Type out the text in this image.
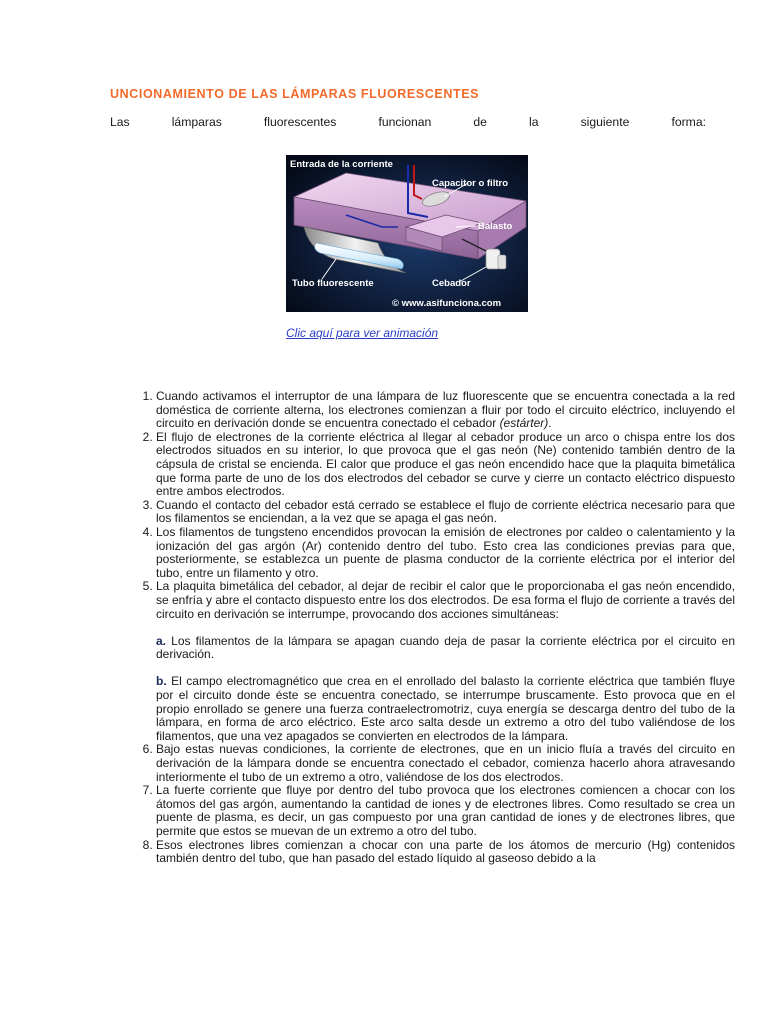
UNCIONAMIENTO DE LAS LÁMPARAS FLUORESCENTES
Las	lámparas	fluorescentes	funcionan	de	la	siguiente	forma:
Entrada de la corriente
Capacitor o filtro
Balasto
Tubo fluorescente	Cebador
© www.asifunciona.com
Clic aquí para ver animación
1. Cuando activamos el interruptor de una lámpara de luz fluorescente que se encuentra conectada a la red doméstica de corriente alterna, los electrones comienzan a fluir por todo el circuito eléctrico, incluyendo el circuito en derivación donde se encuentra conectado el cebador (estárter).
2. El flujo de electrones de la corriente eléctrica al llegar al cebador produce un arco o chispa entre los dos electrodos situados en su interior, lo que provoca que el gas neón (Ne) contenido también dentro de la cápsula de cristal se encienda. El calor que produce el gas neón encendido hace que la plaquita bimetálica que forma parte de uno de los dos electrodos del cebador se curve y cierre un contacto eléctrico dispuesto entre ambos electrodos.
3. Cuando el contacto del cebador está cerrado se establece el flujo de corriente eléctrica necesario para que los filamentos se enciendan, a la vez que se apaga el gas neón.
4. Los filamentos de tungsteno encendidos provocan la emisión de electrones por caldeo o calentamiento y la ionización del gas argón (Ar) contenido dentro del tubo. Esto crea las condiciones previas para que, posteriormente, se establezca un puente de plasma conductor de la corriente eléctrica por el interior del tubo, entre un filamento y otro.
5. La plaquita bimetálica del cebador, al dejar de recibir el calor que le proporcionaba el gas neón encendido, se enfría y abre el contacto dispuesto entre los dos electrodos. De esa forma el flujo de corriente a través del circuito en derivación se interrumpe, provocando dos acciones simultáneas:
a. Los filamentos de la lámpara se apagan cuando deja de pasar la corriente eléctrica por el circuito en derivación.
b. El campo electromagnético que crea en el enrollado del balasto la corriente eléctrica que también fluye por el circuito donde éste se encuentra conectado, se interrumpe bruscamente. Esto provoca que en el propio enrollado se genere una fuerza contraelectromotriz, cuya energía se descarga dentro del tubo de la lámpara, en forma de arco eléctrico. Este arco salta desde un extremo a otro del tubo valiéndose de los filamentos, que una vez apagados se convierten en electrodos de la lámpara.
6. Bajo estas nuevas condiciones, la corriente de electrones, que en un inicio fluía a través del circuito en derivación de la lámpara donde se encuentra conectado el cebador, comienza hacerlo ahora atravesando interiormente el tubo de un extremo a otro, valiéndose de los dos electrodos.
7. La fuerte corriente que fluye por dentro del tubo provoca que los electrones comiencen a chocar con los átomos del gas argón, aumentando la cantidad de iones y de electrones libres. Como resultado se crea un puente de plasma, es decir, un gas compuesto por una gran cantidad de iones y de electrones libres, que permite que estos se muevan de un extremo a otro del tubo.
8. Esos electrones libres comienzan a chocar con una parte de los átomos de mercurio (Hg) contenidos también dentro del tubo, que han pasado del estado líquido al gaseoso debido a la
